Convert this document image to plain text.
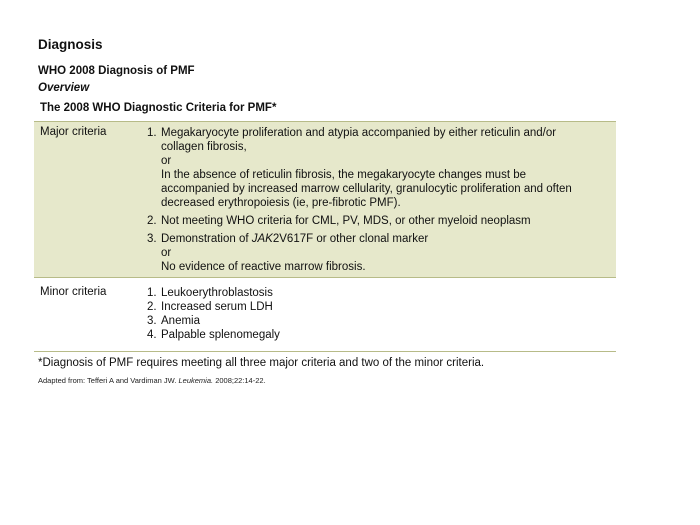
Diagnosis
WHO 2008 Diagnosis of PMF
Overview
The 2008 WHO Diagnostic Criteria for PMF*
Major criteria	1. Megakaryocyte proliferation and atypia accompanied by either reticulin and/or
collagen fibrosis,
or
In the absence of reticulin fibrosis, the megakaryocyte changes must be
accompanied by increased marrow cellularity, granulocytic proliferation and often
decreased erythropoiesis (ie, pre-fibrotic PMF).
2. Not meeting WHO criteria for CML, PV, MDS, or other myeloid neoplasm
3. Demonstration of JAK2V617F or other clonal marker
or
No evidence of reactive marrow fibrosis.
Minor criteria	1. Leukoerythroblastosis
2. Increased serum LDH
3. Anemia
4. Palpable splenomegaly
*Diagnosis of PMF requires meeting all three major criteria and two of the minor criteria.
Adapted from: Tefferi A and Vardiman JW. Leukemia. 2008;22:14-22.
